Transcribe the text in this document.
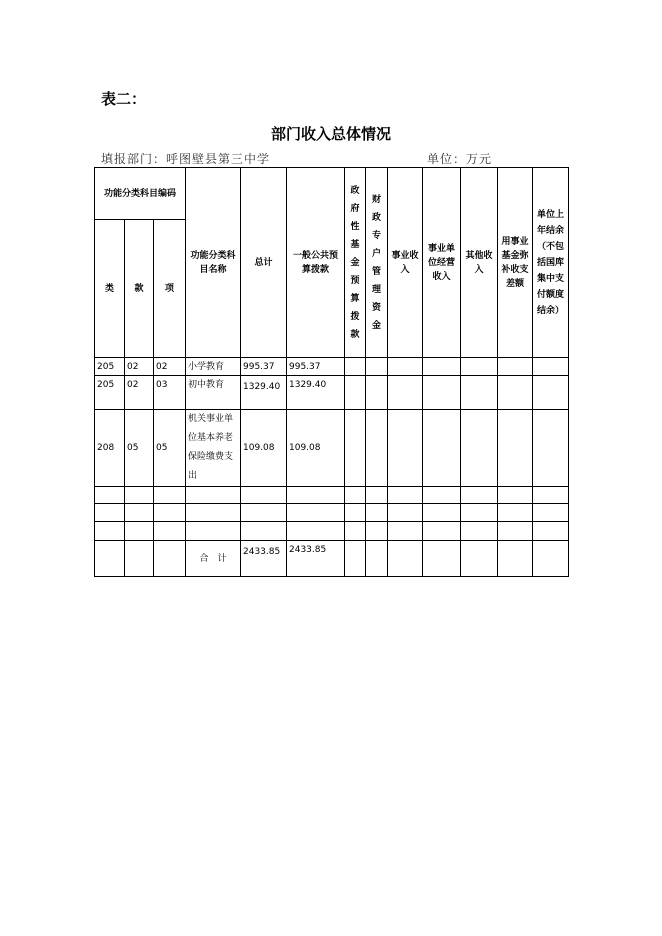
表二：
部门收入总体情况
填报部门：呼图壁县第三中学	单位：万元
功能分类科目编码			功能分类科目名称	总计	一般公共预算拨款	政府性基金预算拨款	财政专户管理资金	事业收入	事业单位经营收入	其他收入	用事业基金弥补收支差额	单位上年结余（不包括国库集中支付额度结余）
类	款	项										
205	02	02	小学教育	995.37	995.37							
205	02	03	初中教育	1329.40	1329.40							
208	05	05	机关事业单位基本养老保险缴费支出	109.08	109.08							

			合　计	2433.85	2433.85							
